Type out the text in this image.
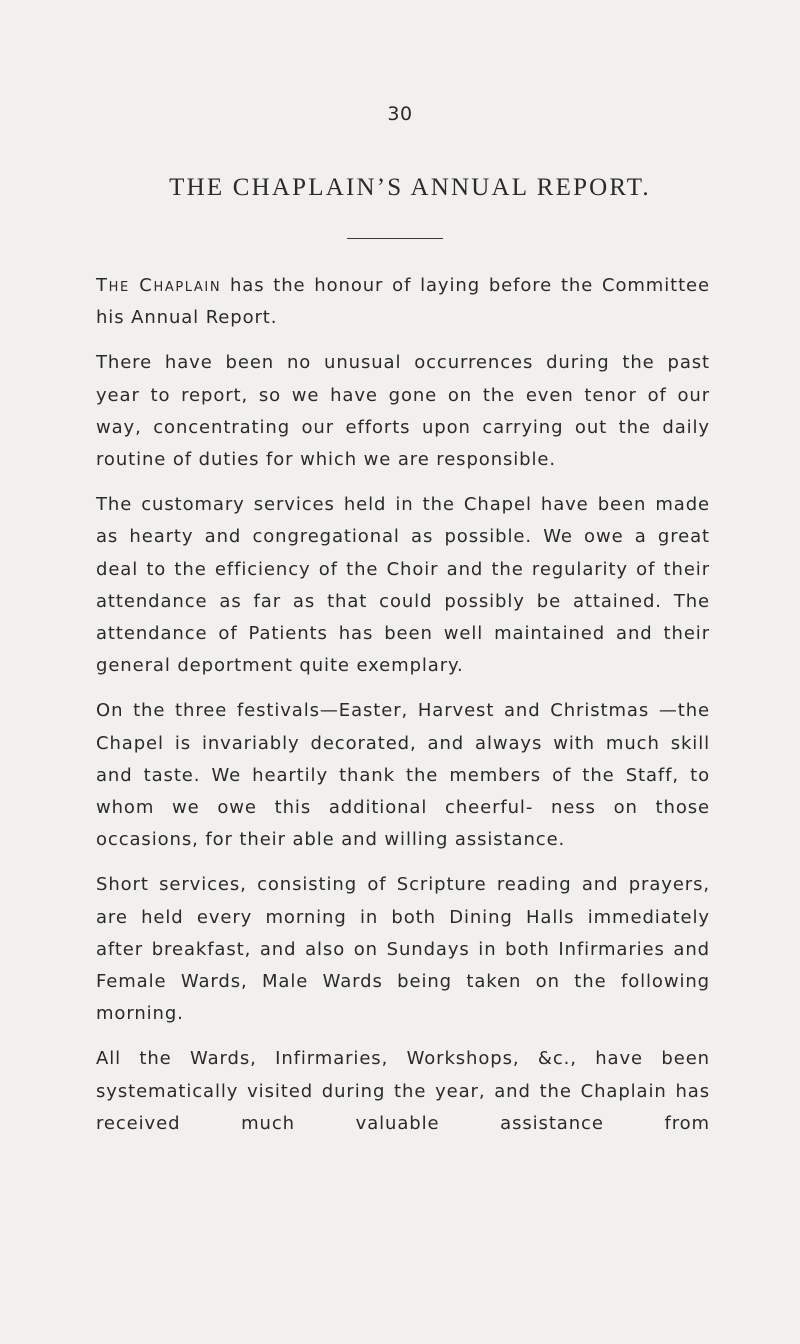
30
THE CHAPLAIN’S ANNUAL REPORT.

The Chaplain has the honour of laying before the Committee his Annual Report.

There have been no unusual occurrences during the past year to report, so we have gone on the even tenor of our way, concentrating our efforts upon carrying out the daily routine of duties for which we are responsible.

The customary services held in the Chapel have been made as hearty and congregational as possible. We owe a great deal to the efficiency of the Choir and the regularity of their attendance as far as that could possibly be attained. The attendance of Patients has been well maintained and their general deportment quite exemplary.

On the three festivals—Easter, Harvest and Christmas —the Chapel is invariably decorated, and always with much skill and taste. We heartily thank the members of the Staff, to whom we owe this additional cheerful- ness on those occasions, for their able and willing assistance.

Short services, consisting of Scripture reading and prayers, are held every morning in both Dining Halls immediately after breakfast, and also on Sundays in both Infirmaries and Female Wards, Male Wards being taken on the following morning.

All the Wards, Infirmaries, Workshops, &c., have been systematically visited during the year, and the Chaplain has received much valuable assistance from
